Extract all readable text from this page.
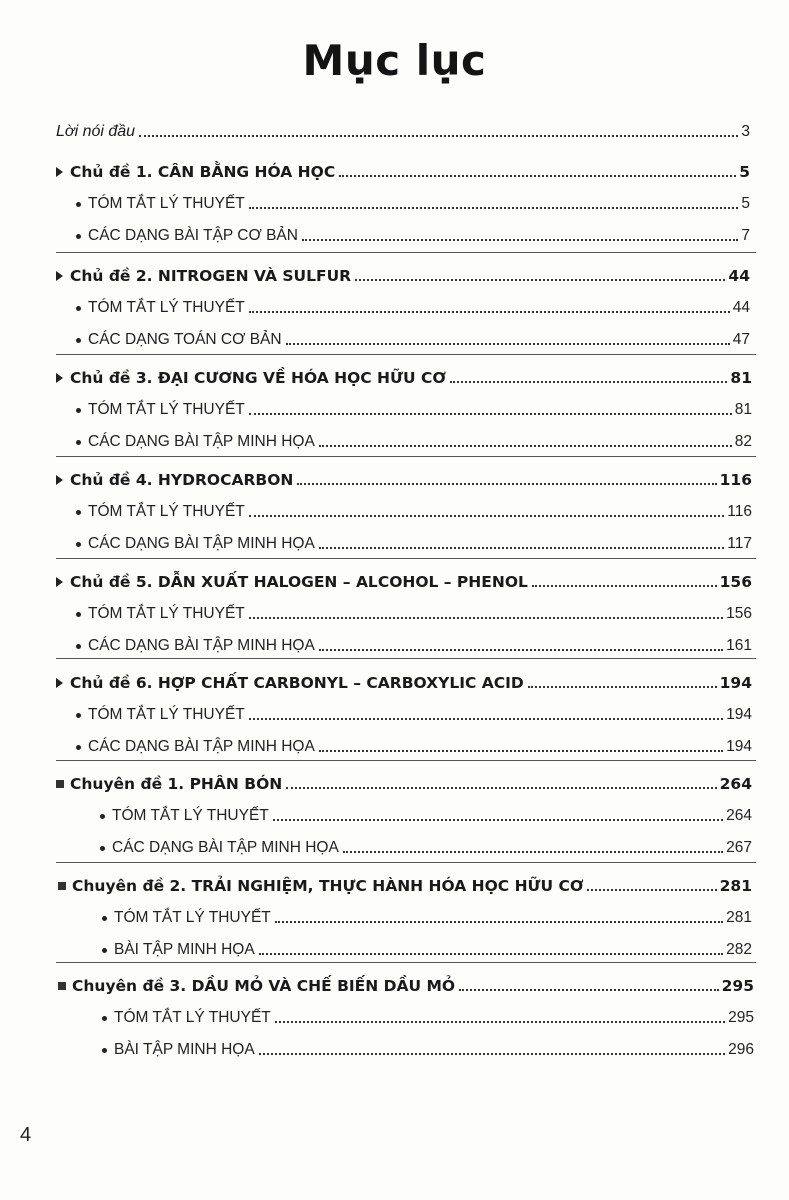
Mục lục
Lời nói đầu	3
Chủ đề 1. CÂN BẰNG HÓA HỌC	5
TÓM TẮT LÝ THUYẾT	5
CÁC DẠNG BÀI TẬP CƠ BẢN	7
Chủ đề 2. NITROGEN VÀ SULFUR	44
TÓM TẮT LÝ THUYẾT	44
CÁC DẠNG TOÁN CƠ BẢN	47
Chủ đề 3. ĐẠI CƯƠNG VỀ HÓA HỌC HỮU CƠ	81
TÓM TẮT LÝ THUYẾT	81
CÁC DẠNG BÀI TẬP MINH HỌA	82
Chủ đề 4. HYDROCARBON	116
TÓM TẮT LÝ THUYẾT	116
CÁC DẠNG BÀI TẬP MINH HỌA	117
Chủ đề 5. DẪN XUẤT HALOGEN – ALCOHOL – PHENOL	156
TÓM TẮT LÝ THUYẾT	156
CÁC DẠNG BÀI TẬP MINH HỌA	161
Chủ đề 6. HỢP CHẤT CARBONYL – CARBOXYLIC ACID	194
TÓM TẮT LÝ THUYẾT	194
CÁC DẠNG BÀI TẬP MINH HỌA	194
Chuyên đề 1. PHÂN BÓN	264
TÓM TẮT LÝ THUYẾT	264
CÁC DẠNG BÀI TẬP MINH HỌA	267
Chuyên đề 2. TRẢI NGHIỆM, THỰC HÀNH HÓA HỌC HỮU CƠ	281
TÓM TẮT LÝ THUYẾT	281
BÀI TẬP MINH HỌA	282
Chuyên đề 3. DẦU MỎ VÀ CHẾ BIẾN DẦU MỎ	295
TÓM TẮT LÝ THUYẾT	295
BÀI TẬP MINH HỌA	296
4
